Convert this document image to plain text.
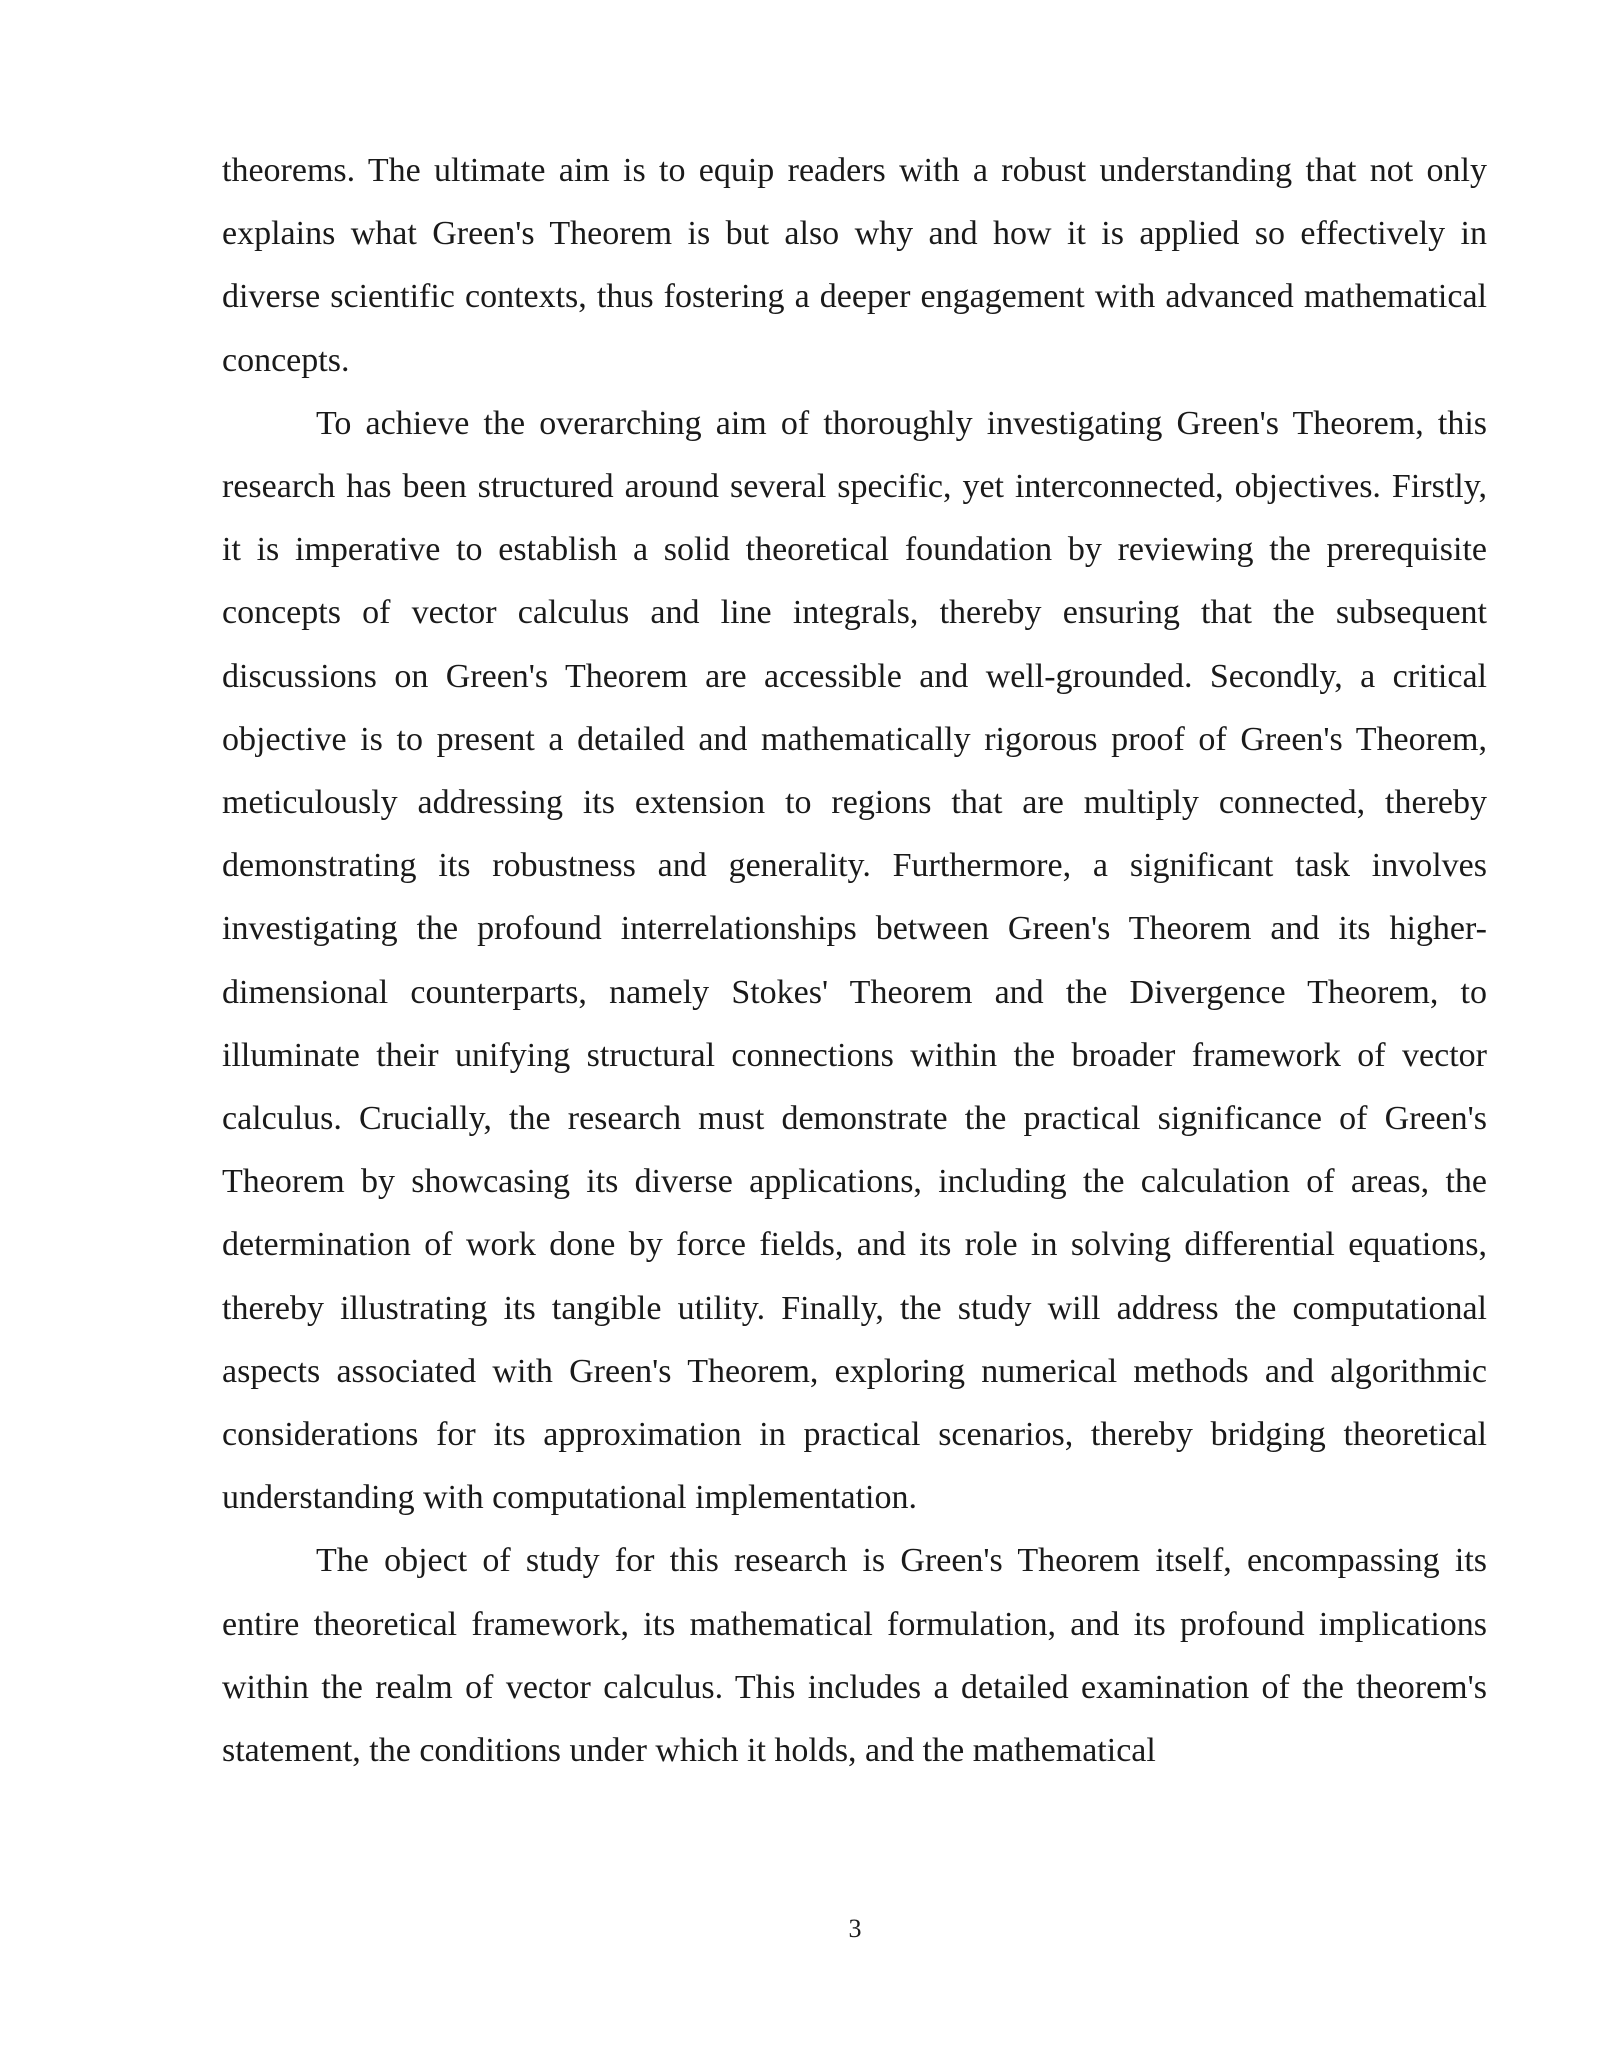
theorems. The ultimate aim is to equip readers with a robust understanding that not only explains what Green's Theorem is but also why and how it is applied so effectively in diverse scientific contexts, thus fostering a deeper engagement with advanced mathematical concepts.

To achieve the overarching aim of thoroughly investigating Green's Theorem, this research has been structured around several specific, yet interconnected, objectives. Firstly, it is imperative to establish a solid theoretical foundation by reviewing the prerequisite concepts of vector calculus and line integrals, thereby ensuring that the subsequent discussions on Green's Theorem are accessible and well-grounded. Secondly, a critical objective is to present a detailed and mathematically rigorous proof of Green's Theorem, meticulously addressing its extension to regions that are multiply connected, thereby demonstrating its robustness and generality. Furthermore, a significant task involves investigating the profound interrelationships between Green's Theorem and its higher-dimensional counterparts, namely Stokes' Theorem and the Divergence Theorem, to illuminate their unifying structural connections within the broader framework of vector calculus. Crucially, the research must demonstrate the practical significance of Green's Theorem by showcasing its diverse applications, including the calculation of areas, the determination of work done by force fields, and its role in solving differential equations, thereby illustrating its tangible utility. Finally, the study will address the computational aspects associated with Green's Theorem, exploring numerical methods and algorithmic considerations for its approximation in practical scenarios, thereby bridging theoretical understanding with computational implementation.

The object of study for this research is Green's Theorem itself, encompassing its entire theoretical framework, its mathematical formulation, and its profound implications within the realm of vector calculus. This includes a detailed examination of the theorem's statement, the conditions under which it holds, and the mathematical

3
